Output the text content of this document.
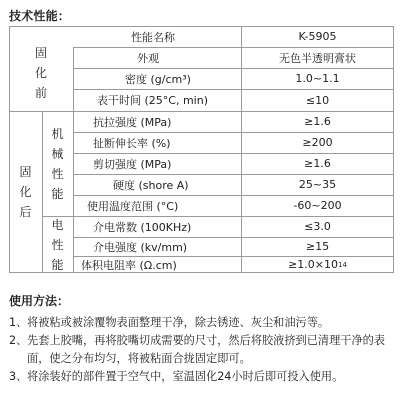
技术性能：
性能名称	K-5905
固
化
前
外观	无色半透明膏状
密度 (g/cm³)	1.0~1.1
表干时间 (25°C, min)	≤10
固
化
后
机
械
性
能
抗拉强度 (MPa)	≥1.6
扯断伸长率 (%)	≥200
剪切强度 (MPa)	≥1.6
硬度 (shore A)	25~35
使用温度范围 (°C)	-60~200
电
性
能
介电常数 (100KHz)	≤3.0
介电强度 (kv/mm)	≥15
体积电阻率 (Ω.cm)	≥1.0×10 14
使用方法：
1、 将被粘或被涂覆物表面整理干净，除去锈迹、灰尘和油污等。
2、 先套上胶嘴，再将胶嘴切成需要的尺寸，然后将胶液挤到已清理干净的表面，使之分布均匀，将被粘面合拢固定即可。
3、 将涂装好的部件置于空气中，室温固化24小时后即可投入使用。
